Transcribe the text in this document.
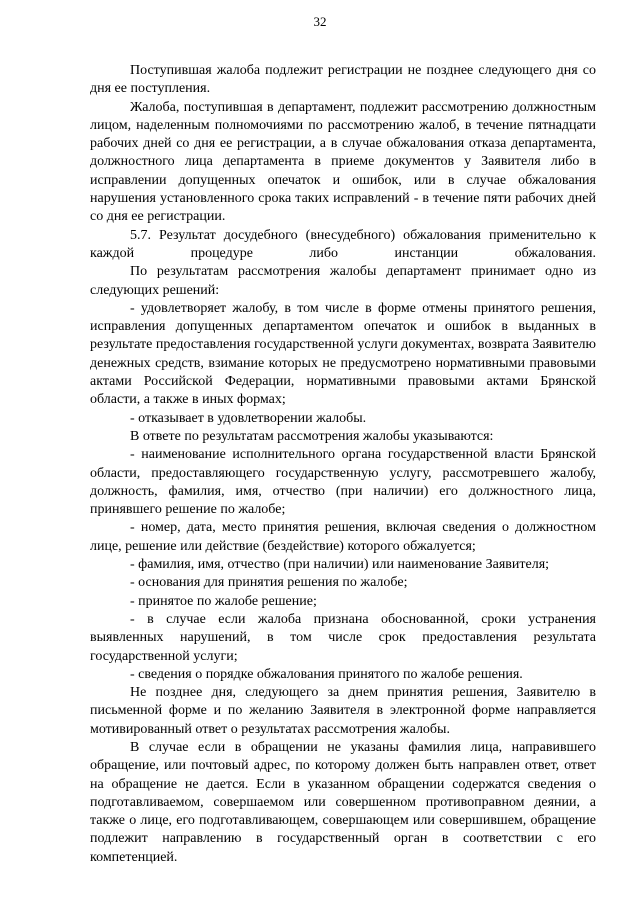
32

Поступившая жалоба подлежит регистрации не позднее следующего дня со дня ее поступления.

Жалоба, поступившая в департамент, подлежит рассмотрению должностным лицом, наделенным полномочиями по рассмотрению жалоб, в течение пятнадцати рабочих дней со дня ее регистрации, а в случае обжалования отказа департамента, должностного лица департамента в приеме документов у Заявителя либо в исправлении допущенных опечаток и ошибок, или в случае обжалования нарушения установленного срока таких исправлений - в течение пяти рабочих дней со дня ее регистрации.

5.7. Результат досудебного (внесудебного) обжалования применительно к каждой процедуре либо инстанции обжалования.

По результатам рассмотрения жалобы департамент принимает одно из следующих решений:

- удовлетворяет жалобу, в том числе в форме отмены принятого решения, исправления допущенных департаментом опечаток и ошибок в выданных в результате предоставления государственной услуги документах, возврата Заявителю денежных средств, взимание которых не предусмотрено нормативными правовыми актами Российской Федерации, нормативными правовыми актами Брянской области, а также в иных формах;

- отказывает в удовлетворении жалобы.

В ответе по результатам рассмотрения жалобы указываются:

- наименование исполнительного органа государственной власти Брянской области, предоставляющего государственную услугу, рассмотревшего жалобу, должность, фамилия, имя, отчество (при наличии) его должностного лица, принявшего решение по жалобе;

- номер, дата, место принятия решения, включая сведения о должностном лице, решение или действие (бездействие) которого обжалуется;

- фамилия, имя, отчество (при наличии) или наименование Заявителя;

- основания для принятия решения по жалобе;

- принятое по жалобе решение;

- в случае если жалоба признана обоснованной, сроки устранения выявленных нарушений, в том числе срок предоставления результата государственной услуги;

- сведения о порядке обжалования принятого по жалобе решения.

Не позднее дня, следующего за днем принятия решения, Заявителю в письменной форме и по желанию Заявителя в электронной форме направляется мотивированный ответ о результатах рассмотрения жалобы.

В случае если в обращении не указаны фамилия лица, направившего обращение, или почтовый адрес, по которому должен быть направлен ответ, ответ на обращение не дается. Если в указанном обращении содержатся сведения о подготавливаемом, совершаемом или совершенном противоправном деянии, а также о лице, его подготавливающем, совершающем или совершившем, обращение подлежит направлению в государственный орган в соответствии с его компетенцией.
